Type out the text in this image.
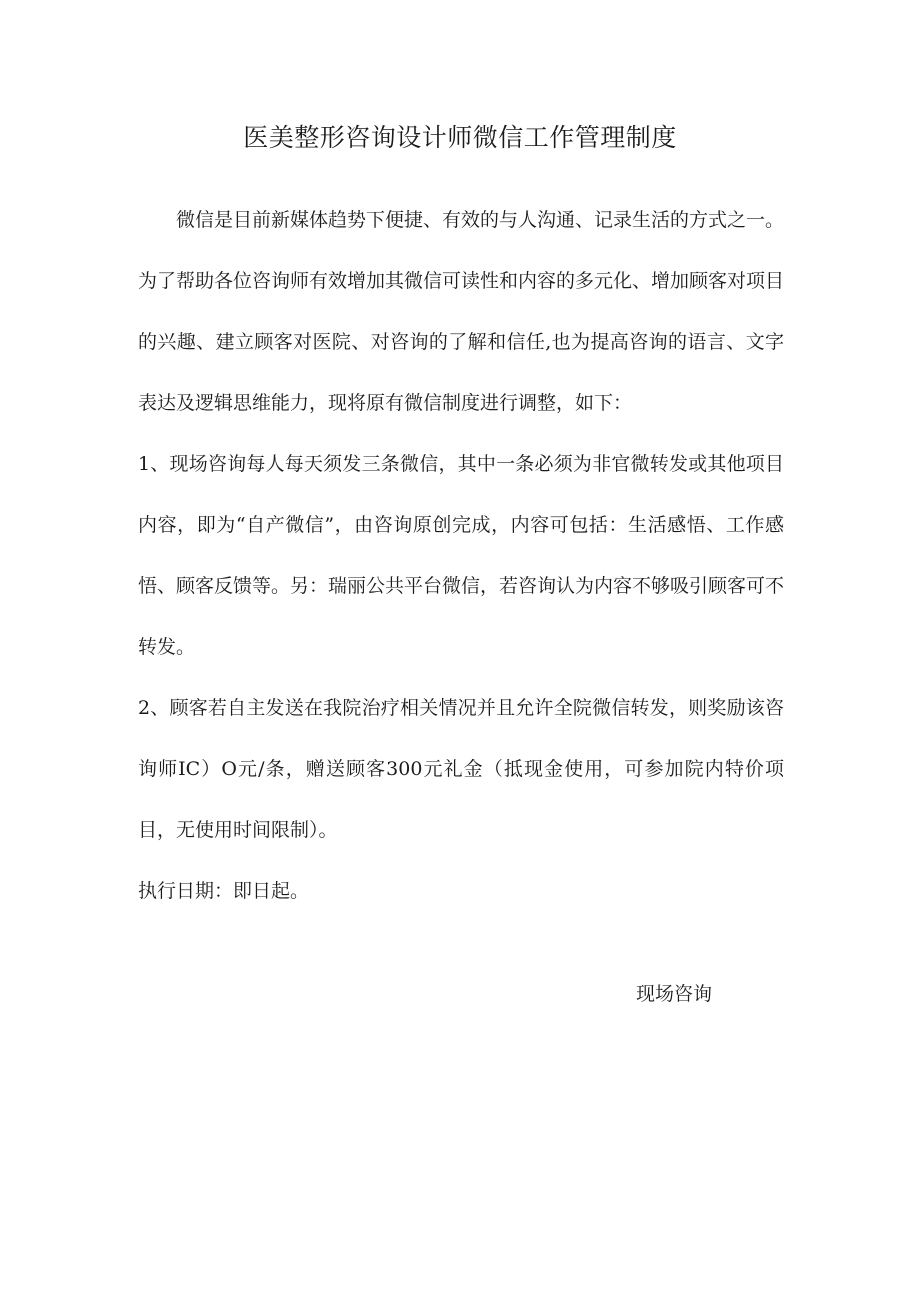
医美整形咨询设计师微信工作管理制度

微信是目前新媒体趋势下便捷、有效的与人沟通、记录生活的方式之一。为了帮助各位咨询师有效增加其微信可读性和内容的多元化、增加顾客对项目的兴趣、建立顾客对医院、对咨询的了解和信任,也为提高咨询的语言、文字表达及逻辑思维能力，现将原有微信制度进行调整，如下：

1、现场咨询每人每天须发三条微信，其中一条必须为非官微转发或其他项目内容，即为“自产微信”，由咨询原创完成，内容可包括：生活感悟、工作感悟、顾客反馈等。另：瑞丽公共平台微信，若咨询认为内容不够吸引顾客可不转发。

2、顾客若自主发送在我院治疗相关情况并且允许全院微信转发，则奖励该咨询师IC）O元/条，赠送顾客300元礼金（抵现金使用，可参加院内特价项目，无使用时间限制）。

执行日期：即日起。

现场咨询
